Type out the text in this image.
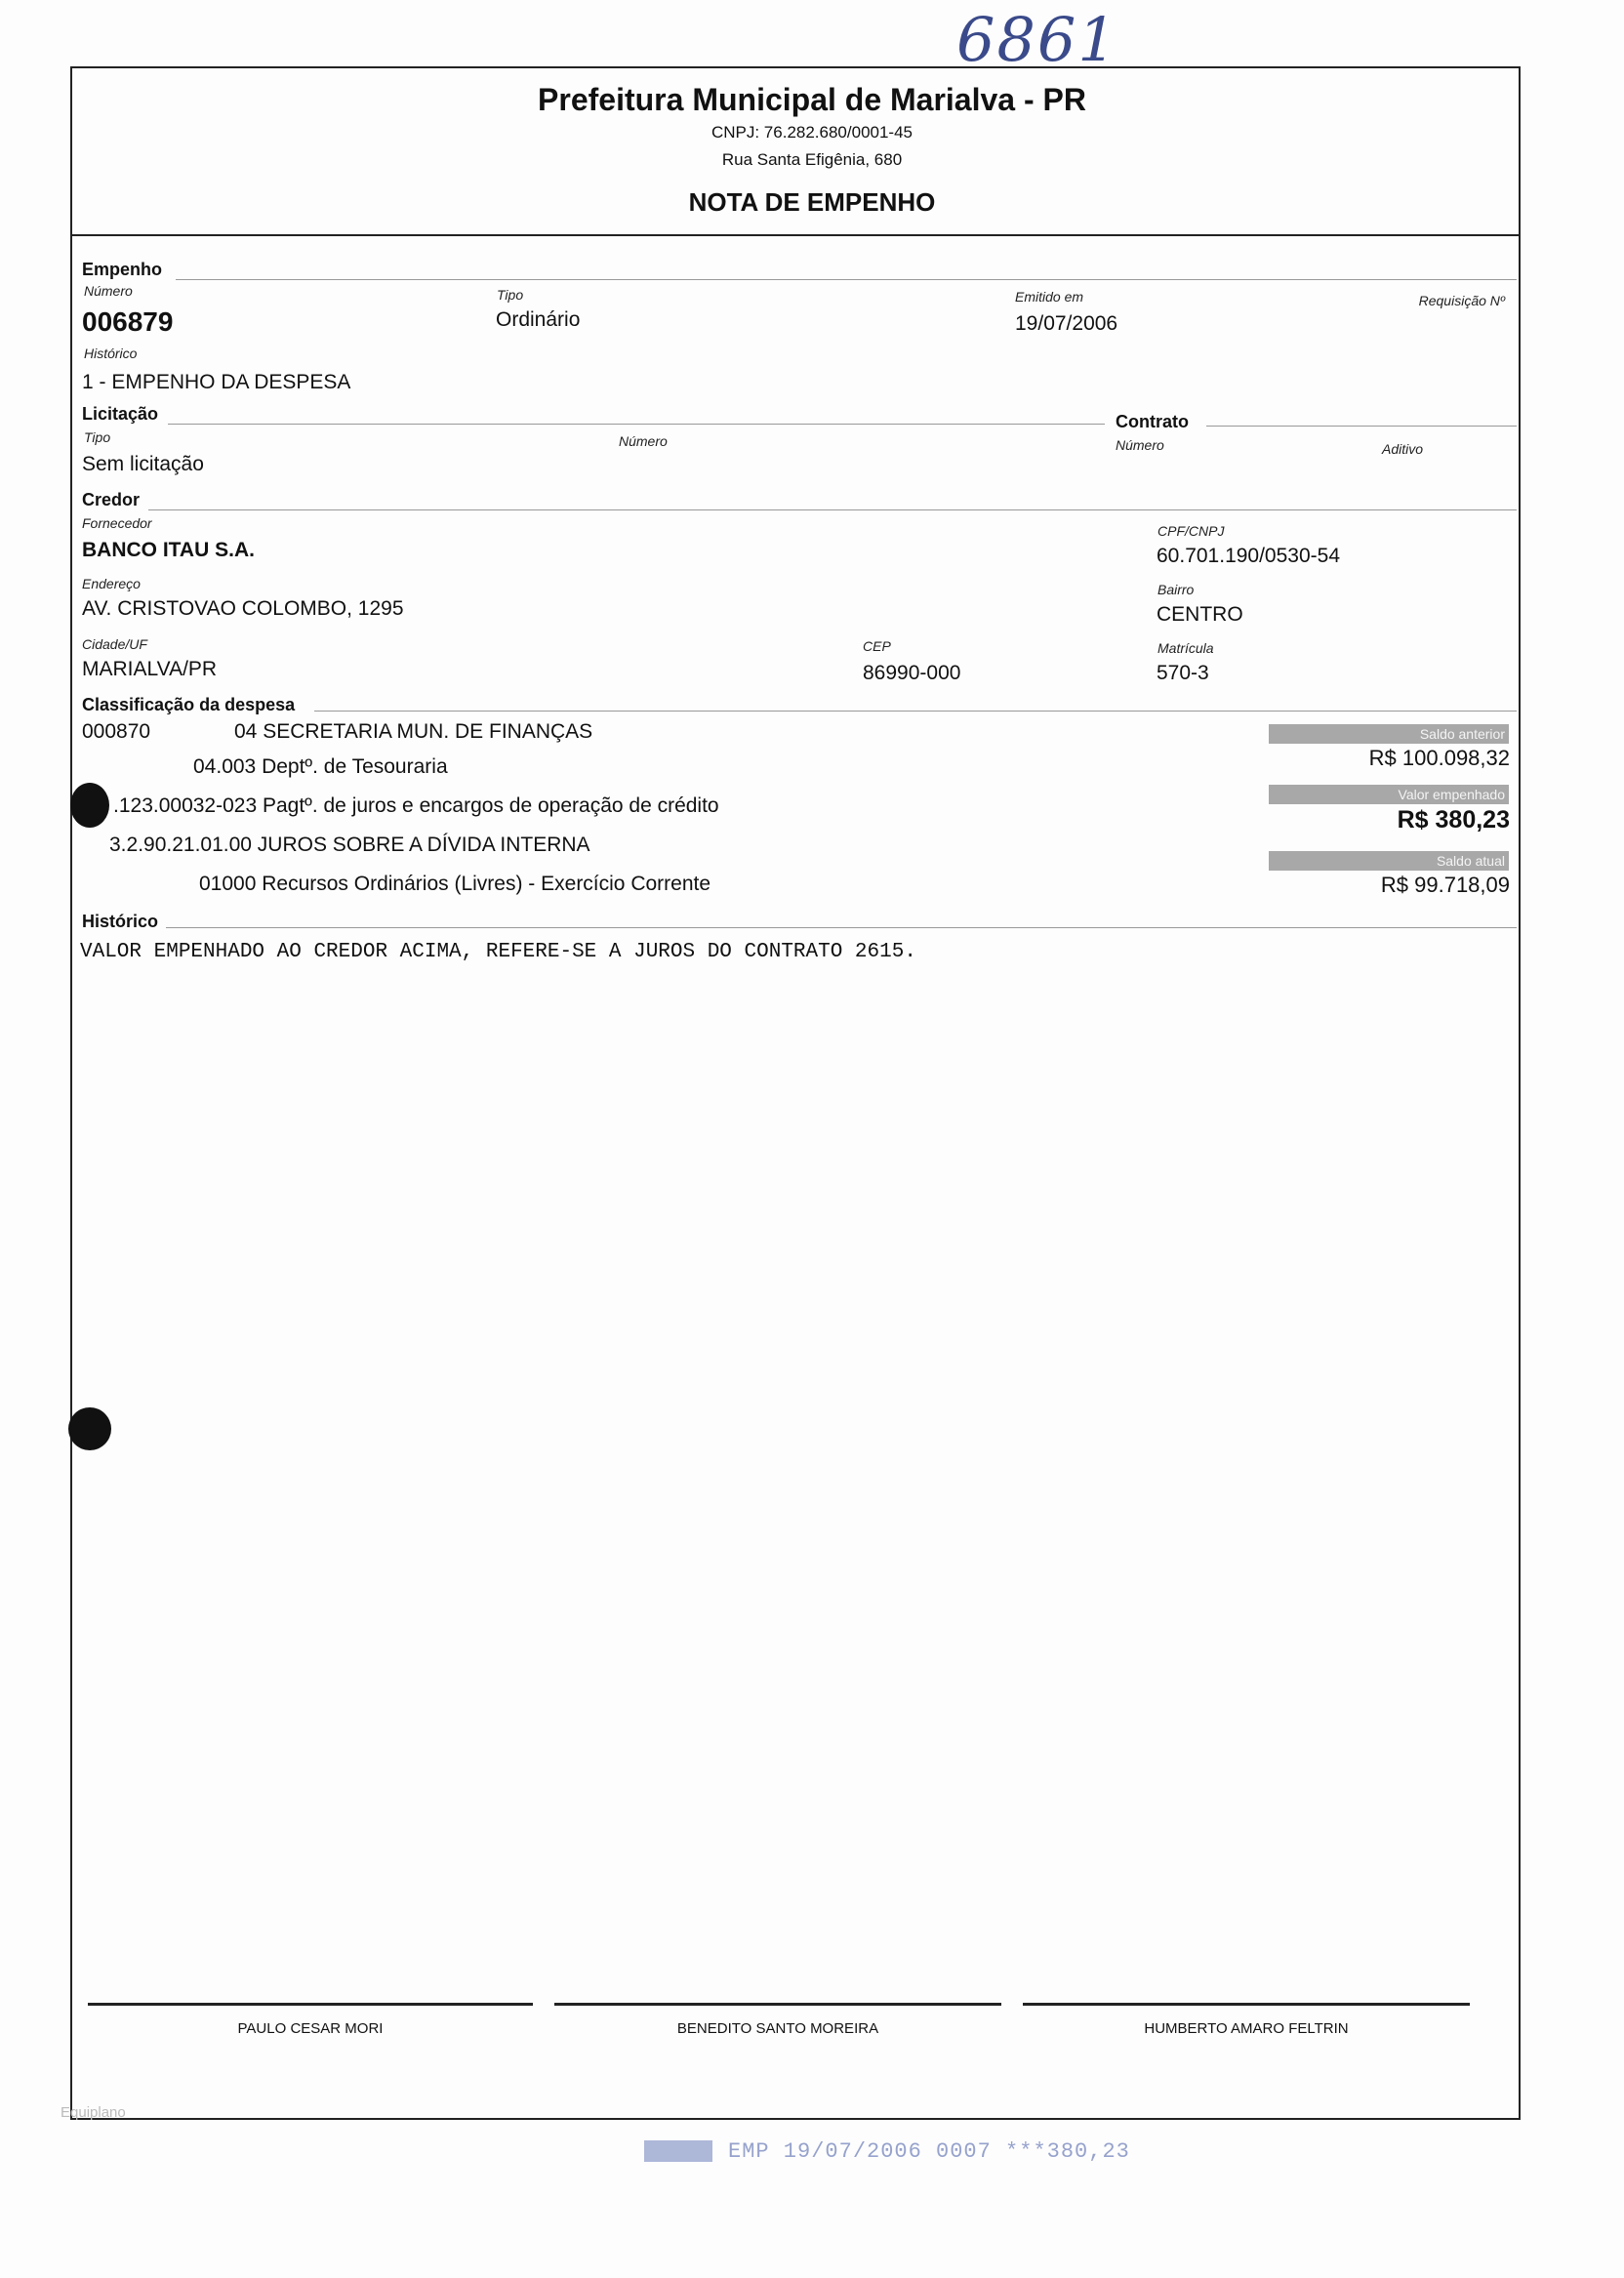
6861
Prefeitura Municipal de Marialva - PR
CNPJ: 76.282.680/0001-45
Rua Santa Efigênia, 680
NOTA DE EMPENHO
Empenho
Número
006879
Tipo
Ordinário
Emitido em
19/07/2006
Requisição Nº
Histórico
1 - EMPENHO DA DESPESA
Licitação	Contrato
Tipo
Sem licitação
Número	Número	Aditivo
Credor
Fornecedor
BANCO ITAU S.A.
CPF/CNPJ
60.701.190/0530-54
Endereço
AV. CRISTOVAO COLOMBO, 1295
Bairro
CENTRO
Cidade/UF
MARIALVA/PR
CEP
86990-000
Matrícula
570-3
Classificação da despesa
000870	04 SECRETARIA MUN. DE FINANÇAS
04.003 Deptº. de Tesouraria
.123.00032-023 Pagtº. de juros e encargos de operação de crédito
3.2.90.21.01.00 JUROS SOBRE A DÍVIDA INTERNA
01000 Recursos Ordinários (Livres) - Exercício Corrente
Saldo anterior
R$ 100.098,32
Valor empenhado
R$ 380,23
Saldo atual
R$ 99.718,09
Histórico
VALOR EMPENHADO AO CREDOR ACIMA, REFERE-SE A JUROS DO CONTRATO 2615.
PAULO CESAR MORI	BENEDITO SANTO MOREIRA	HUMBERTO AMARO FELTRIN
Equiplano
EMP 19/07/2006 0007 ***380,23
